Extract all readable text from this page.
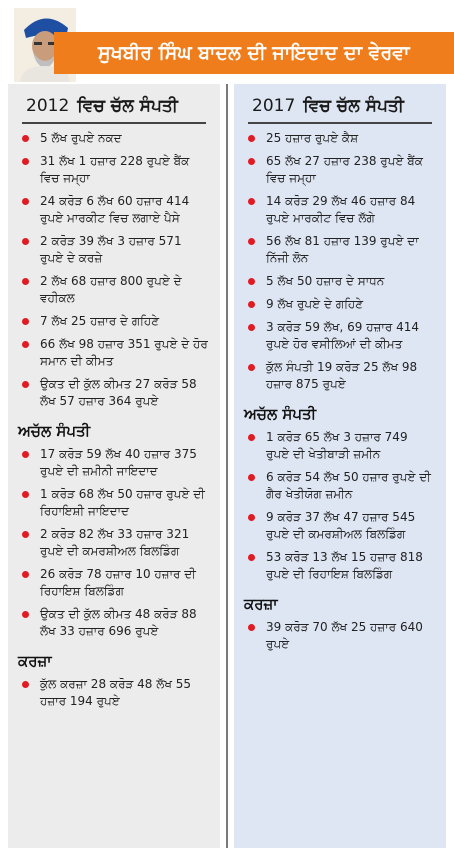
ਸੁਖਬੀਰ ਸਿੰਘ ਬਾਦਲ ਦੀ ਜਾਇਦਾਦ ਦਾ ਵੇਰਵਾ
2012 ਵਿਚ ਚੱਲ ਸੰਪਤੀ
5 ਲੱਖ ਰੁਪਏ ਨਕਦ
31 ਲੱਖ 1 ਹਜ਼ਾਰ 228 ਰੁਪਏ ਬੈਂਕ ਵਿਚ ਜਮ੍ਹਾ
24 ਕਰੋੜ 6 ਲੱਖ 60 ਹਜ਼ਾਰ 414 ਰੁਪਏ ਮਾਰਕੀਟ ਵਿਚ ਲਗਾਏ ਪੈਸੇ
2 ਕਰੋੜ 39 ਲੱਖ 3 ਹਜ਼ਾਰ 571 ਰੁਪਏ ਦੇ ਕਰਜ਼ੇ
2 ਲੱਖ 68 ਹਜ਼ਾਰ 800 ਰੁਪਏ ਦੇ ਵਹੀਕਲ
7 ਲੱਖ 25 ਹਜ਼ਾਰ ਦੇ ਗਹਿਣੇ
66 ਲੱਖ 98 ਹਜ਼ਾਰ 351 ਰੁਪਏ ਦੇ ਹੋਰ ਸਮਾਨ ਦੀ ਕੀਮਤ
ਉਕਤ ਦੀ ਕੁੱਲ ਕੀਮਤ 27 ਕਰੋੜ 58 ਲੱਖ 57 ਹਜ਼ਾਰ 364 ਰੁਪਏ
ਅਚੱਲ ਸੰਪਤੀ
17 ਕਰੋੜ 59 ਲੱਖ 40 ਹਜ਼ਾਰ 375 ਰੁਪਏ ਦੀ ਜ਼ਮੀਨੀ ਜਾਇਦਾਦ
1 ਕਰੋੜ 68 ਲੱਖ 50 ਹਜ਼ਾਰ ਰੁਪਏ ਦੀ ਰਿਹਾਇਸ਼ੀ ਜਾਇਦਾਦ
2 ਕਰੋੜ 82 ਲੱਖ 33 ਹਜ਼ਾਰ 321 ਰੁਪਏ ਦੀ ਕਮਰਸ਼ੀਅਲ ਬਿਲਡਿੰਗ
26 ਕਰੋੜ 78 ਹਜ਼ਾਰ 10 ਹਜ਼ਾਰ ਦੀ ਰਿਹਾਇਸ਼ ਬਿਲਡਿੰਗ
ਉਕਤ ਦੀ ਕੁੱਲ ਕੀਮਤ 48 ਕਰੋੜ 88 ਲੱਖ 33 ਹਜ਼ਾਰ 696 ਰੁਪਏ
ਕਰਜ਼ਾ
ਕੁੱਲ ਕਰਜ਼ਾ 28 ਕਰੋੜ 48 ਲੱਖ 55 ਹਜ਼ਾਰ 194 ਰੁਪਏ
2017 ਵਿਚ ਚੱਲ ਸੰਪਤੀ
25 ਹਜ਼ਾਰ ਰੁਪਏ ਕੈਸ਼
65 ਲੱਖ 27 ਹਜ਼ਾਰ 238 ਰੁਪਏ ਬੈਂਕ ਵਿਚ ਜਮ੍ਹਾ
14 ਕਰੋੜ 29 ਲੱਖ 46 ਹਜ਼ਾਰ 84 ਰੁਪਏ ਮਾਰਕੀਟ ਵਿਚ ਲੱਗੇ
56 ਲੱਖ 81 ਹਜ਼ਾਰ 139 ਰੁਪਏ ਦਾ ਨਿੱਜੀ ਲੋਨ
5 ਲੱਖ 50 ਹਜ਼ਾਰ ਦੇ ਸਾਧਨ
9 ਲੱਖ ਰੁਪਏ ਦੇ ਗਹਿਣੇ
3 ਕਰੋੜ 59 ਲੱਖ, 69 ਹਜ਼ਾਰ 414 ਰੁਪਏ ਹੋਰ ਵਸੀਲਿਆਂ ਦੀ ਕੀਮਤ
ਕੁੱਲ ਸੰਪਤੀ 19 ਕਰੋੜ 25 ਲੱਖ 98 ਹਜ਼ਾਰ 875 ਰੁਪਏ
ਅਚੱਲ ਸੰਪਤੀ
1 ਕਰੋੜ 65 ਲੱਖ 3 ਹਜ਼ਾਰ 749 ਰੁਪਏ ਦੀ ਖੇਤੀਬਾੜੀ ਜ਼ਮੀਨ
6 ਕਰੋੜ 54 ਲੱਖ 50 ਹਜ਼ਾਰ ਰੁਪਏ ਦੀ ਗੈਰ ਖੇਤੀਯੋਗ ਜ਼ਮੀਨ
9 ਕਰੋੜ 37 ਲੱਖ 47 ਹਜ਼ਾਰ 545 ਰੁਪਏ ਦੀ ਕਮਰਸ਼ੀਅਲ ਬਿਲਡਿੰਗ
53 ਕਰੋੜ 13 ਲੱਖ 15 ਹਜ਼ਾਰ 818 ਰੁਪਏ ਦੀ ਰਿਹਾਇਸ਼ ਬਿਲਡਿੰਗ
ਕਰਜ਼ਾ
39 ਕਰੋੜ 70 ਲੱਖ 25 ਹਜ਼ਾਰ 640 ਰੁਪਏ
